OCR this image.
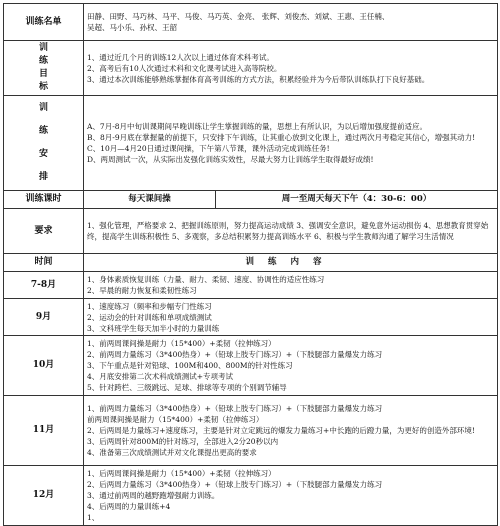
训练名单	田静、田野、马巧林、马平、马俊、马巧英、金亮、 张辉、刘俊杰、刘斌、王惠、王任楠、
吴超、马小乐、孙权、王韶	

训
练
目
标	1、通过近几个月的训练12人次以上通过体育术科考试。
2、高考后有10人次通过术科和文化课考试进入高等院校。
3、通过本次训练能够熟练掌握体育高考训练的方式方法，积累经验并为今后带队训练队打下良好基础。	

训
练
安
排	A、7月-8月中旬训课期间早晚训练让学生掌握训练的量，思想上有所认识，为以后增加强度提前适应。
B、8月-9月底在掌握量的前提下，只安排下午训练，让其重心放到文化课上，通过两次月考稳定其信心，增强其动力!
C、10月—4月20日通过课间操，下午第八节课，课外活动完成训练任务!
D、两周测试一次，从实际出发强化训练实效性，尽最大努力让训练学生取得最好成绩!	

训练课时	每天课间操	周一至周天每天下午（4：30-6：00）
要求	1、强化管理，严格要求 2、把握训练原则，努力提高运动成绩 3、强调安全意识，避免意外运动损伤 4、思想教育贯穿始终，提高学生训练积极性 5、多观察，多总结积累努力提高训练水平 6、积极与学生教师沟通了解学习生活情况	

时间	训练内容	
7-8月	1、身体素质恢复训练（力量、耐力、柔韧、速度、协调性的适应性练习
2、早晨的耐力恢复和柔韧性练习	

9月	1、速度练习（频率和步幅专门性练习
2、运动会的针对训练和单项成绩测试
3、文科班学生每天加半小时的力量训练	

10月	1、前两周课间操是耐力（15*400）+柔韧（拉伸练习）
2、前两周力量练习（3*400热身）+（铅球上肢专门练习）+（下肢腿部力量爆发力练习
3、下午重点是针对铅球、100M和400、800M的针对性练习
4、月底安排第二次术科成绩测试+专项考试
5、针对跨栏、三级跳远、足球、排球等专项的个别调节辅导	

11月	1、前两周力量练习（3*400热身）+（铅球上肢专门练习）+（下肢腿部力量爆发力练习
前两周课间操是耐力（15*400）+柔韧（拉伸练习）
2、后两周是力量练习+速度练习，主要是针对立定跳远的爆发力量练习+中长跑的后蹬力量，为更好的创造外部环境!
3、后两周针对800M的针对练习，全部进入2分20秒以内
4、准备第三次成绩测试并对文化课提出更高的要求	

12月	1、后两周课间操是耐力（15*400）+柔韧（拉伸练习）
2、后两周力量练习（3*400热身）+（铅球上肢专门练习）+（下肢腿部力量爆发力练习
3、通过前两周的越野跑增强耐力训练。
4、后两周的力量训练+4
1、	
